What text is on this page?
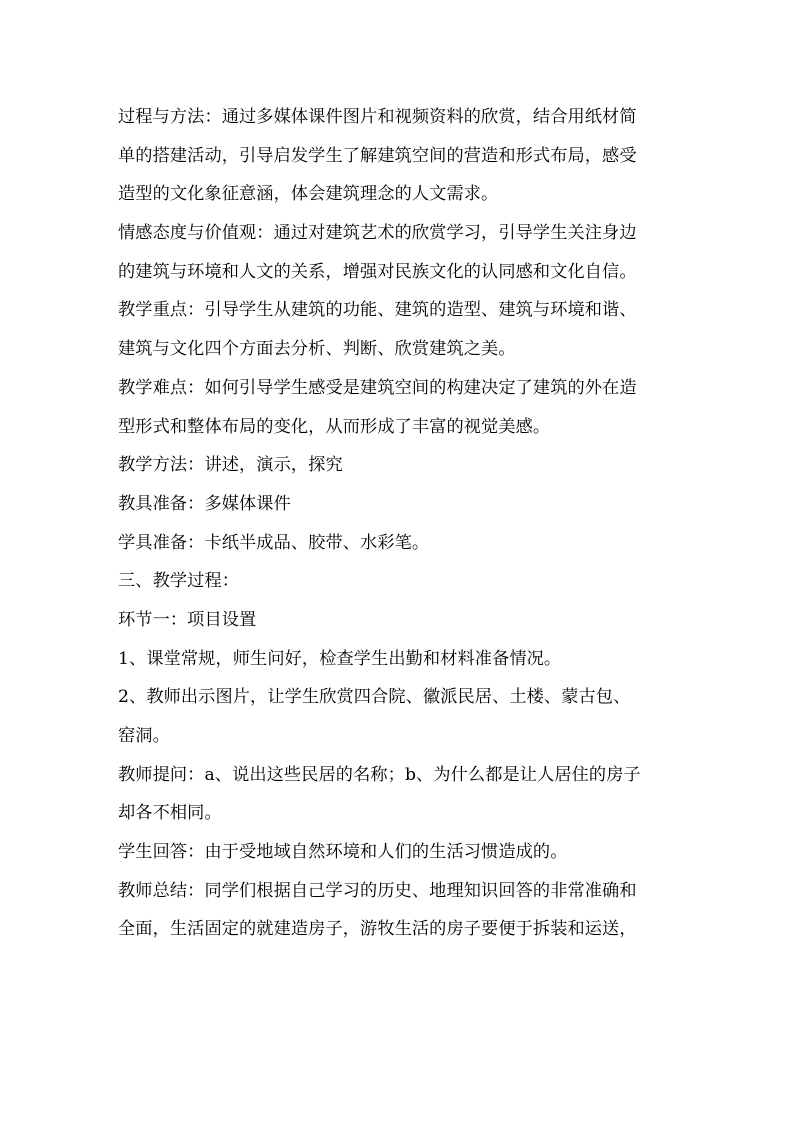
过程与方法：通过多媒体课件图片和视频资料的欣赏，结合用纸材简
单的搭建活动，引导启发学生了解建筑空间的营造和形式布局，感受
造型的文化象征意涵，体会建筑理念的人文需求。
情感态度与价值观：通过对建筑艺术的欣赏学习，引导学生关注身边
的建筑与环境和人文的关系，增强对民族文化的认同感和文化自信。
教学重点：引导学生从建筑的功能、建筑的造型、建筑与环境和谐、
建筑与文化四个方面去分析、判断、欣赏建筑之美。
教学难点：如何引导学生感受是建筑空间的构建决定了建筑的外在造
型形式和整体布局的变化，从而形成了丰富的视觉美感。
教学方法：讲述，演示，探究
教具准备：多媒体课件
学具准备：卡纸半成品、胶带、水彩笔。
三、教学过程：
环节一：项目设置
1、课堂常规，师生问好，检查学生出勤和材料准备情况。
2、教师出示图片，让学生欣赏四合院、徽派民居、土楼、蒙古包、
窑洞。
教师提问：a、说出这些民居的名称；b、为什么都是让人居住的房子
却各不相同。
学生回答：由于受地域自然环境和人们的生活习惯造成的。
教师总结：同学们根据自己学习的历史、地理知识回答的非常准确和
全面，生活固定的就建造房子，游牧生活的房子要便于拆装和运送，
